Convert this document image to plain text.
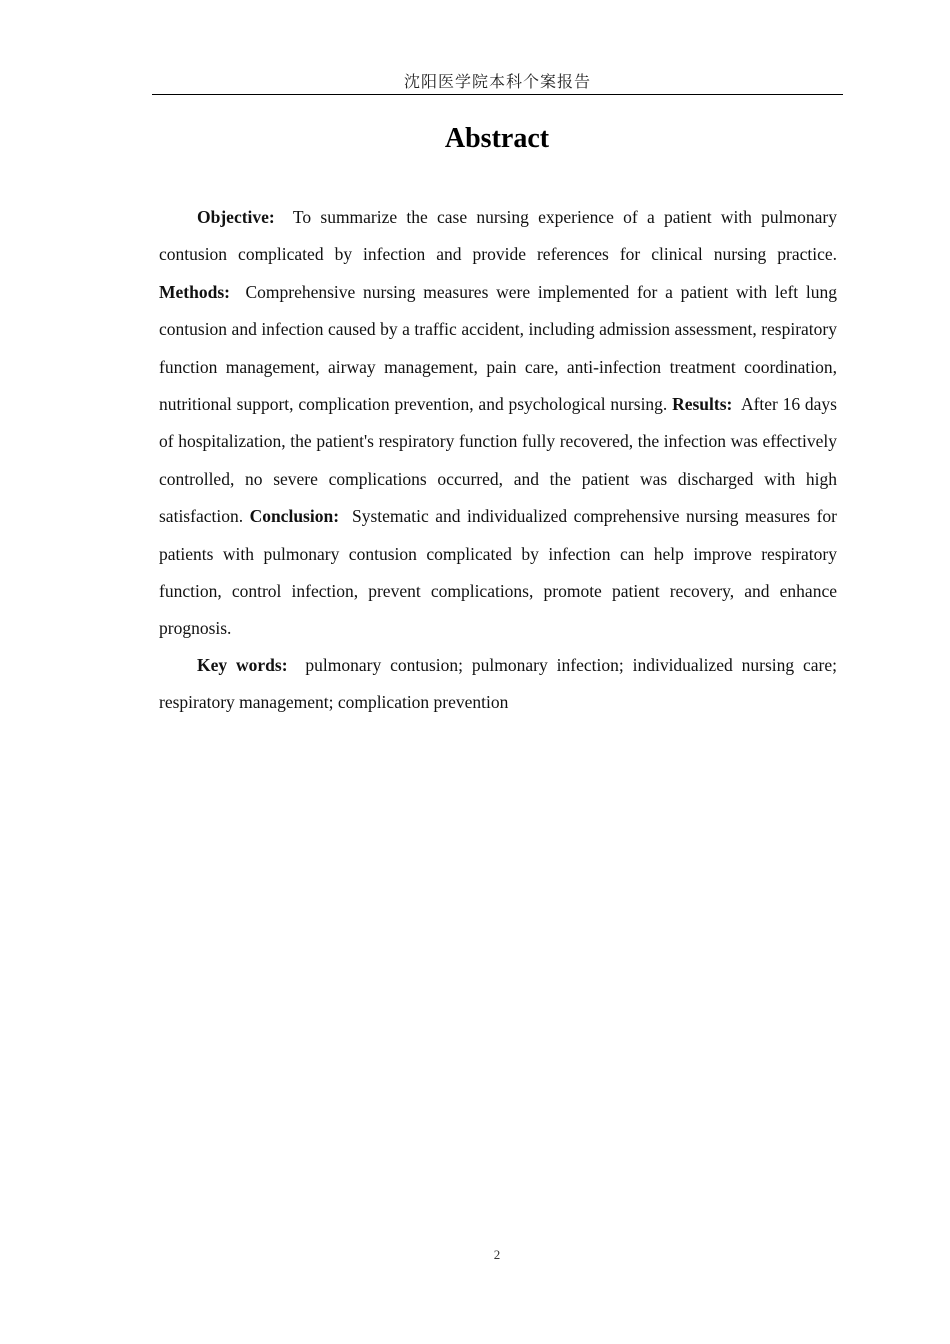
沈阳医学院本科个案报告
Abstract

Objective: To summarize the case nursing experience of a patient with pulmonary contusion complicated by infection and provide references for clinical nursing practice. Methods: Comprehensive nursing measures were implemented for a patient with left lung contusion and infection caused by a traffic accident, including admission assessment, respiratory function management, airway management, pain care, anti-infection treatment coordination, nutritional support, complication prevention, and psychological nursing. Results: After 16 days of hospitalization, the patient's respiratory function fully recovered, the infection was effectively controlled, no severe complications occurred, and the patient was discharged with high satisfaction. Conclusion: Systematic and individualized comprehensive nursing measures for patients with pulmonary contusion complicated by infection can help improve respiratory function, control infection, prevent complications, promote patient recovery, and enhance prognosis.

Key words: pulmonary contusion; pulmonary infection; individualized nursing care; respiratory management; complication prevention

2
